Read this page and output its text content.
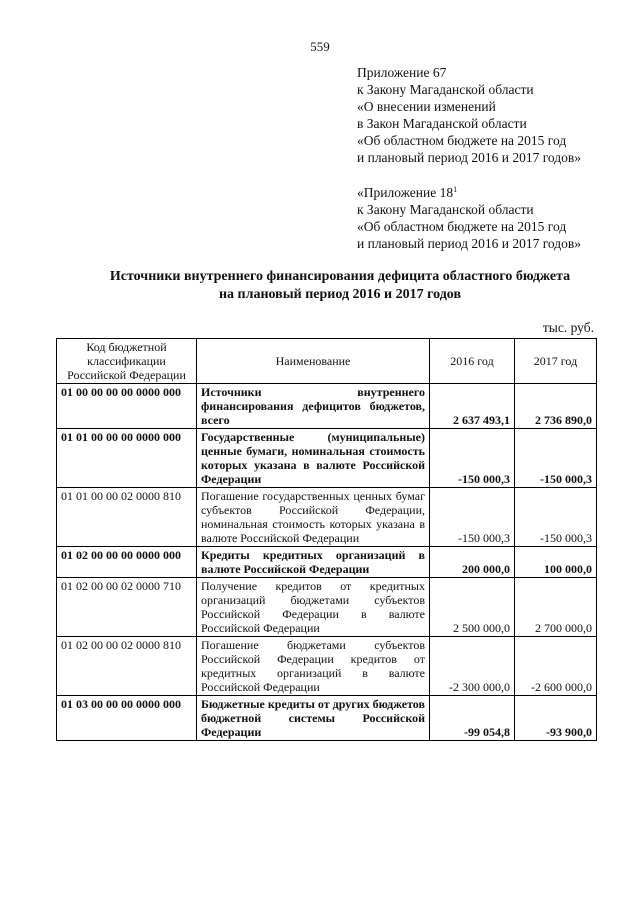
559
Приложение 67
к Закону Магаданской области
«О внесении изменений
в Закон Магаданской области
«Об областном бюджете на 2015 год
и плановый период 2016 и 2017 годов»
«Приложение $18^1$
к Закону Магаданской области
«Об областном бюджете на 2015 год
и плановый период 2016 и 2017 годов»
Источники внутреннего финансирования дефицита областного бюджета
на плановый период 2016 и 2017 годов
тыс. руб.
Код бюджетной классификации Российской Федерации	Наименование	2016 год	2017 год
01 00 00 00 00 0000 000	Источники внутреннего финансирования дефицитов бюджетов, всего	2 637 493,1	2 736 890,0
01 01 00 00 00 0000 000	Государственные (муниципальные) ценные бумаги, номинальная стоимость которых указана в валюте Российской Федерации	-150 000,3	-150 000,3
01 01 00 00 02 0000 810	Погашение государственных ценных бумаг субъектов Российской Федерации, номинальная стоимость которых указана в валюте Российской Федерации	-150 000,3	-150 000,3
01 02 00 00 00 0000 000	Кредиты кредитных организаций в валюте Российской Федерации	200 000,0	100 000,0
01 02 00 00 02 0000 710	Получение кредитов от кредитных организаций бюджетами субъектов Российской Федерации в валюте Российской Федерации	2 500 000,0	2 700 000,0
01 02 00 00 02 0000 810	Погашение бюджетами субъектов Российской Федерации кредитов от кредитных организаций в валюте Российской Федерации	-2 300 000,0	-2 600 000,0
01 03 00 00 00 0000 000	Бюджетные кредиты от других бюджетов бюджетной системы Российской Федерации	-99 054,8	-93 900,0
